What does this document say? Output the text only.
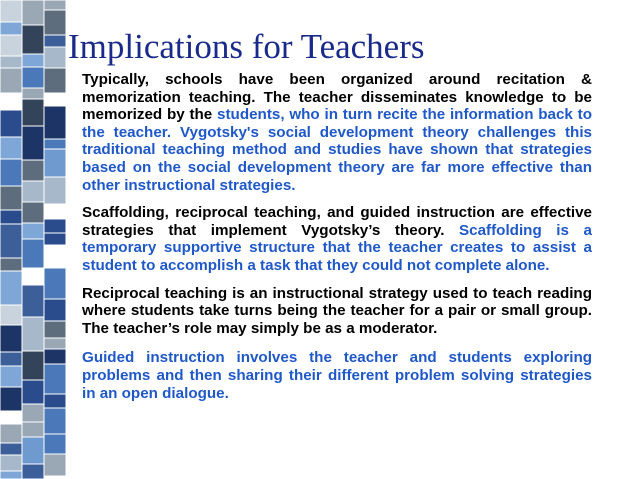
Implications for Teachers

Typically, schools have been organized around recitation & memorization teaching. The teacher disseminates knowledge to be memorized by the students, who in turn recite the information back to the teacher. Vygotsky's social development theory challenges this traditional teaching method and studies have shown that strategies based on the social development theory are far more effective than other instructional strategies.

Scaffolding, reciprocal teaching, and guided instruction are effective strategies that implement Vygotsky’s theory. Scaffolding is a temporary supportive structure that the teacher creates to assist a student to accomplish a task that they could not complete alone.

Reciprocal teaching is an instructional strategy used to teach reading where students take turns being the teacher for a pair or small group. The teacher’s role may simply be as a moderator.

Guided instruction involves the teacher and students exploring problems and then sharing their different problem solving strategies in an open dialogue.
